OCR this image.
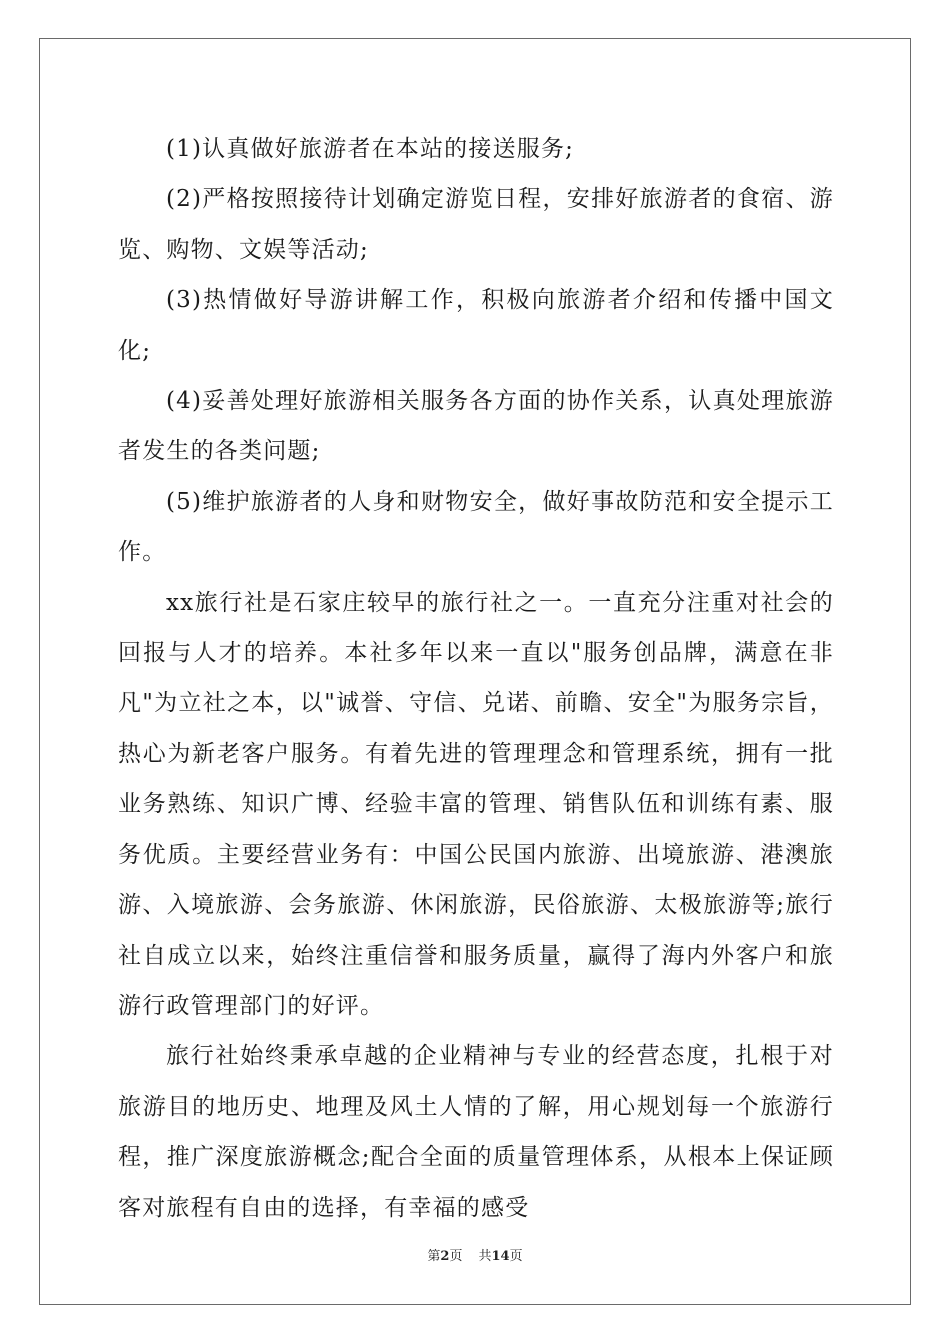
(1)认真做好旅游者在本站的接送服务;

(2)严格按照接待计划确定游览日程，安排好旅游者的食宿、游览、购物、文娱等活动;

(3)热情做好导游讲解工作，积极向旅游者介绍和传播中国文化;

(4)妥善处理好旅游相关服务各方面的协作关系，认真处理旅游者发生的各类问题;

(5)维护旅游者的人身和财物安全，做好事故防范和安全提示工作。

xx旅行社是石家庄较早的旅行社之一。一直充分注重对社会的回报与人才的培养。本社多年以来一直以"服务创品牌，满意在非凡"为立社之本，以"诚誉、守信、兑诺、前瞻、安全"为服务宗旨，热心为新老客户服务。有着先进的管理理念和管理系统，拥有一批业务熟练、知识广博、经验丰富的管理、销售队伍和训练有素、服务优质。主要经营业务有：中国公民国内旅游、出境旅游、港澳旅游、入境旅游、会务旅游、休闲旅游，民俗旅游、太极旅游等;旅行社自成立以来，始终注重信誉和服务质量，赢得了海内外客户和旅游行政管理部门的好评。

旅行社始终秉承卓越的企业精神与专业的经营态度，扎根于对旅游目的地历史、地理及风土人情的了解，用心规划每一个旅游行程，推广深度旅游概念;配合全面的质量管理体系，从根本上保证顾客对旅程有自由的选择，有幸福的感受

第2页 共14页
